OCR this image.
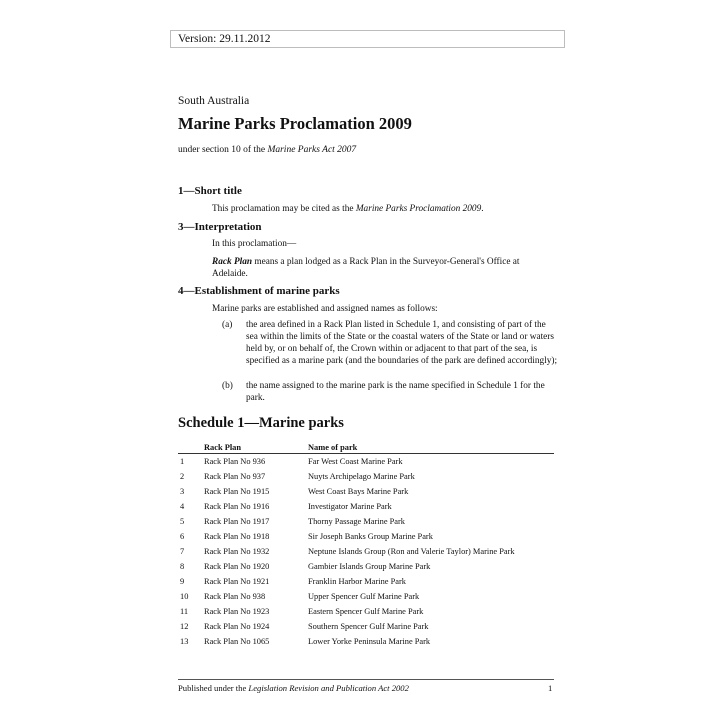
Version: 29.11.2012
South Australia
Marine Parks Proclamation 2009
under section 10 of the Marine Parks Act 2007
1—Short title
This proclamation may be cited as the Marine Parks Proclamation 2009.
3—Interpretation
In this proclamation—
Rack Plan means a plan lodged as a Rack Plan in the Surveyor-General's Office at Adelaide.
4—Establishment of marine parks
Marine parks are established and assigned names as follows:
(a)	the area defined in a Rack Plan listed in Schedule 1, and consisting of part of the sea within the limits of the State or the coastal waters of the State or land or waters held by, or on behalf of, the Crown within or adjacent to that part of the sea, is specified as a marine park (and the boundaries of the park are defined accordingly);
(b)	the name assigned to the marine park is the name specified in Schedule 1 for the park.
Schedule 1—Marine parks
	Rack Plan	Name of park
1	Rack Plan No 936	Far West Coast Marine Park
2	Rack Plan No 937	Nuyts Archipelago Marine Park
3	Rack Plan No 1915	West Coast Bays Marine Park
4	Rack Plan No 1916	Investigator Marine Park
5	Rack Plan No 1917	Thorny Passage Marine Park
6	Rack Plan No 1918	Sir Joseph Banks Group Marine Park
7	Rack Plan No 1932	Neptune Islands Group (Ron and Valerie Taylor) Marine Park
8	Rack Plan No 1920	Gambier Islands Group Marine Park
9	Rack Plan No 1921	Franklin Harbor Marine Park
10	Rack Plan No 938	Upper Spencer Gulf Marine Park
11	Rack Plan No 1923	Eastern Spencer Gulf Marine Park
12	Rack Plan No 1924	Southern Spencer Gulf Marine Park
13	Rack Plan No 1065	Lower Yorke Peninsula Marine Park
Published under the Legislation Revision and Publication Act 2002	1
